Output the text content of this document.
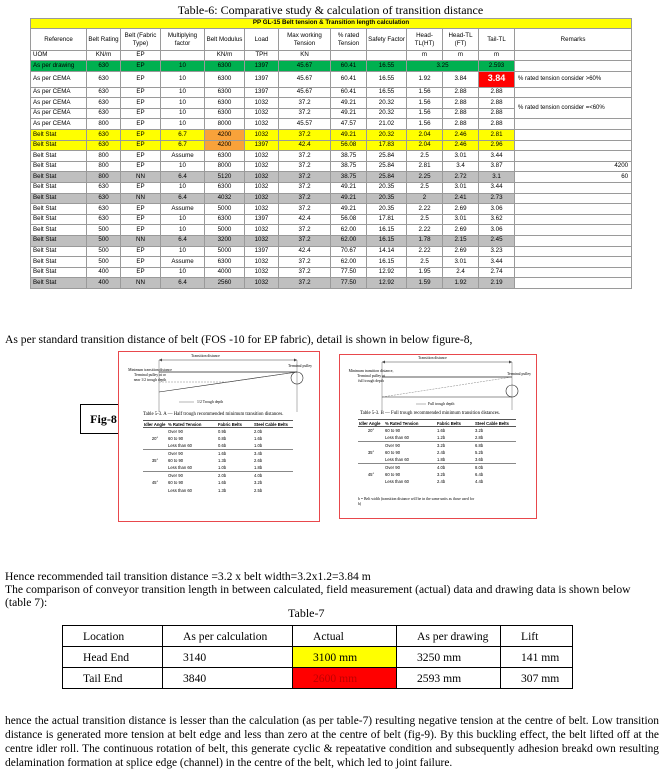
Table-6: Comparative study & calculation of transition distance
PP GL-15 Belt tension & Transition length calculation												
Reference	Belt Rating	Belt (Fabric Type)	Multiplying factor	Belt Modulus	Load	Max working Tension	% rated Tension	Safety Factor	Head-TL(HT)	Head-TL (FT)	Tail-TL	Remarks
UOM	KN/m	EP		KN/m	TPH	KN			m	m	m	
As per drawing	630	EP	10	6300	1397	45.67	60.41	16.55	3.25		2.593	
As per CEMA	630	EP	10	6300	1397	45.67	60.41	16.55	1.92	3.84	3.84	% rated tension consider >60%
As per CEMA	630	EP	10	6300	1397	45.67	60.41	16.55	1.56	2.88	2.88	
As per CEMA	630	EP	10	6300	1032	37.2	49.21	20.32	1.56	2.88	2.88	% rated tension consider =<60%
As per CEMA	630	EP	10	6300	1032	37.2	49.21	20.32	1.56	2.88	2.88	
As per CEMA	800	EP	10	8000	1032	45.57	47.57	21.02	1.56	2.88	2.88	
Belt Stat	630	EP	6.7	4200	1032	37.2	49.21	20.32	2.04	2.46	2.81	
Belt Stat	630	EP	6.7	4200	1397	42.4	56.08	17.83	2.04	2.46	2.96	
Belt Stat	800	EP	Assume	6300	1032	37.2	38.75	25.84	2.5	3.01	3.44	
Belt Stat	800	EP	10	8000	1032	37.2	38.75	25.84	2.81	3.4	3.87	4200
Belt Stat	800	NN	6.4	5120	1032	37.2	38.75	25.84	2.25	2.72	3.1	60
Belt Stat	630	EP	10	6300	1032	37.2	49.21	20.35	2.5	3.01	3.44	
Belt Stat	630	NN	6.4	4032	1032	37.2	49.21	20.35	2	2.41	2.73	
Belt Stat	630	EP	Assume	5000	1032	37.2	49.21	20.35	2.22	2.69	3.06	
Belt Stat	630	EP	10	6300	1397	42.4	56.08	17.81	2.5	3.01	3.62	
Belt Stat	500	EP	10	5000	1032	37.2	62.00	16.15	2.22	2.69	3.06	
Belt Stat	500	NN	6.4	3200	1032	37.2	62.00	16.15	1.78	2.15	2.45	
Belt Stat	500	EP	10	5000	1397	42.4	70.67	14.14	2.22	2.69	3.23	
Belt Stat	500	EP	Assume	6300	1032	37.2	62.00	16.15	2.5	3.01	3.44	
Belt Stat	400	EP	10	4000	1032	37.2	77.50	12.92	1.95	2.4	2.74	
Belt Stat	400	NN	6.4	2560	1032	37.2	77.50	12.92	1.59	1.92	2.19	
As per standard transition distance of belt (FOS -10 for EP fabric), detail is shown in below figure-8,
Fig-8
Transition distance
Terminal pulley
Minimum transition distance
Terminal pulley at or
near 1/2 trough depth
1/2 Trough depth
Table 5-3. A — Half trough recommended minimum transition distances.
Idler Angle	% Rated Tension	Fabric Belts	Steel Cable Belts
	Over 90	0.9b	2.0b
20°	60 to 90	0.8b	1.6b
	Less than 60	0.6b	1.0b
	Over 90	1.6b	3.4b
35°	60 to 90	1.3b	2.6b
	Less than 60	1.0b	1.8b
	Over 90	2.0b	4.0b
45°	60 to 90	1.6b	3.2b
	Less than 60	1.3b	2.5b
Transition distance
Terminal pulley
Minimum transition distance,
Terminal pulley at
full trough depth
Full trough depth
Table 5-3. B — Full trough recommended minimum transition distances.
Idler Angle	% Rated Tension	Fabric Belts	Steel Cable Belts
20°	60 to 90	1.6b	3.2b
	Less than 60	1.2b	2.8b
	Over 90	3.2b	6.8b
35°	60 to 90	2.4b	5.2b
	Less than 60	1.8b	3.6b
	Over 90	4.0b	8.0b
45°	60 to 90	3.2b	6.4b
	Less than 60	2.4b	4.4b
b = Belt width (transition distance will be in the same units as those used for b)
Hence recommended tail transition distance =3.2 x belt width=3.2x1.2=3.84 m
The comparison of conveyor transition length in between calculated, field measurement (actual) data and drawing data is shown below (table 7):
Table-7
Location	As per calculation	Actual	As per drawing	Lift
Head End	3140	3100 mm	3250 mm	141 mm
Tail End	3840	2600 mm	2593 mm	307 mm
hence the actual transition distance is lesser than the calculation (as per table-7) resulting negative tension at the centre of belt. Low transition distance is generated more tension at belt edge and less than zero at the centre of belt (fig-9). By this buckling effect, the belt lifted off at the centre idler roll. The continuous rotation of belt, this generate cyclic & repeatative condition and subsequently adhesion breakd own resulting delamination formation at splice edge (channel) in the centre of the belt, which led to joint failure.
